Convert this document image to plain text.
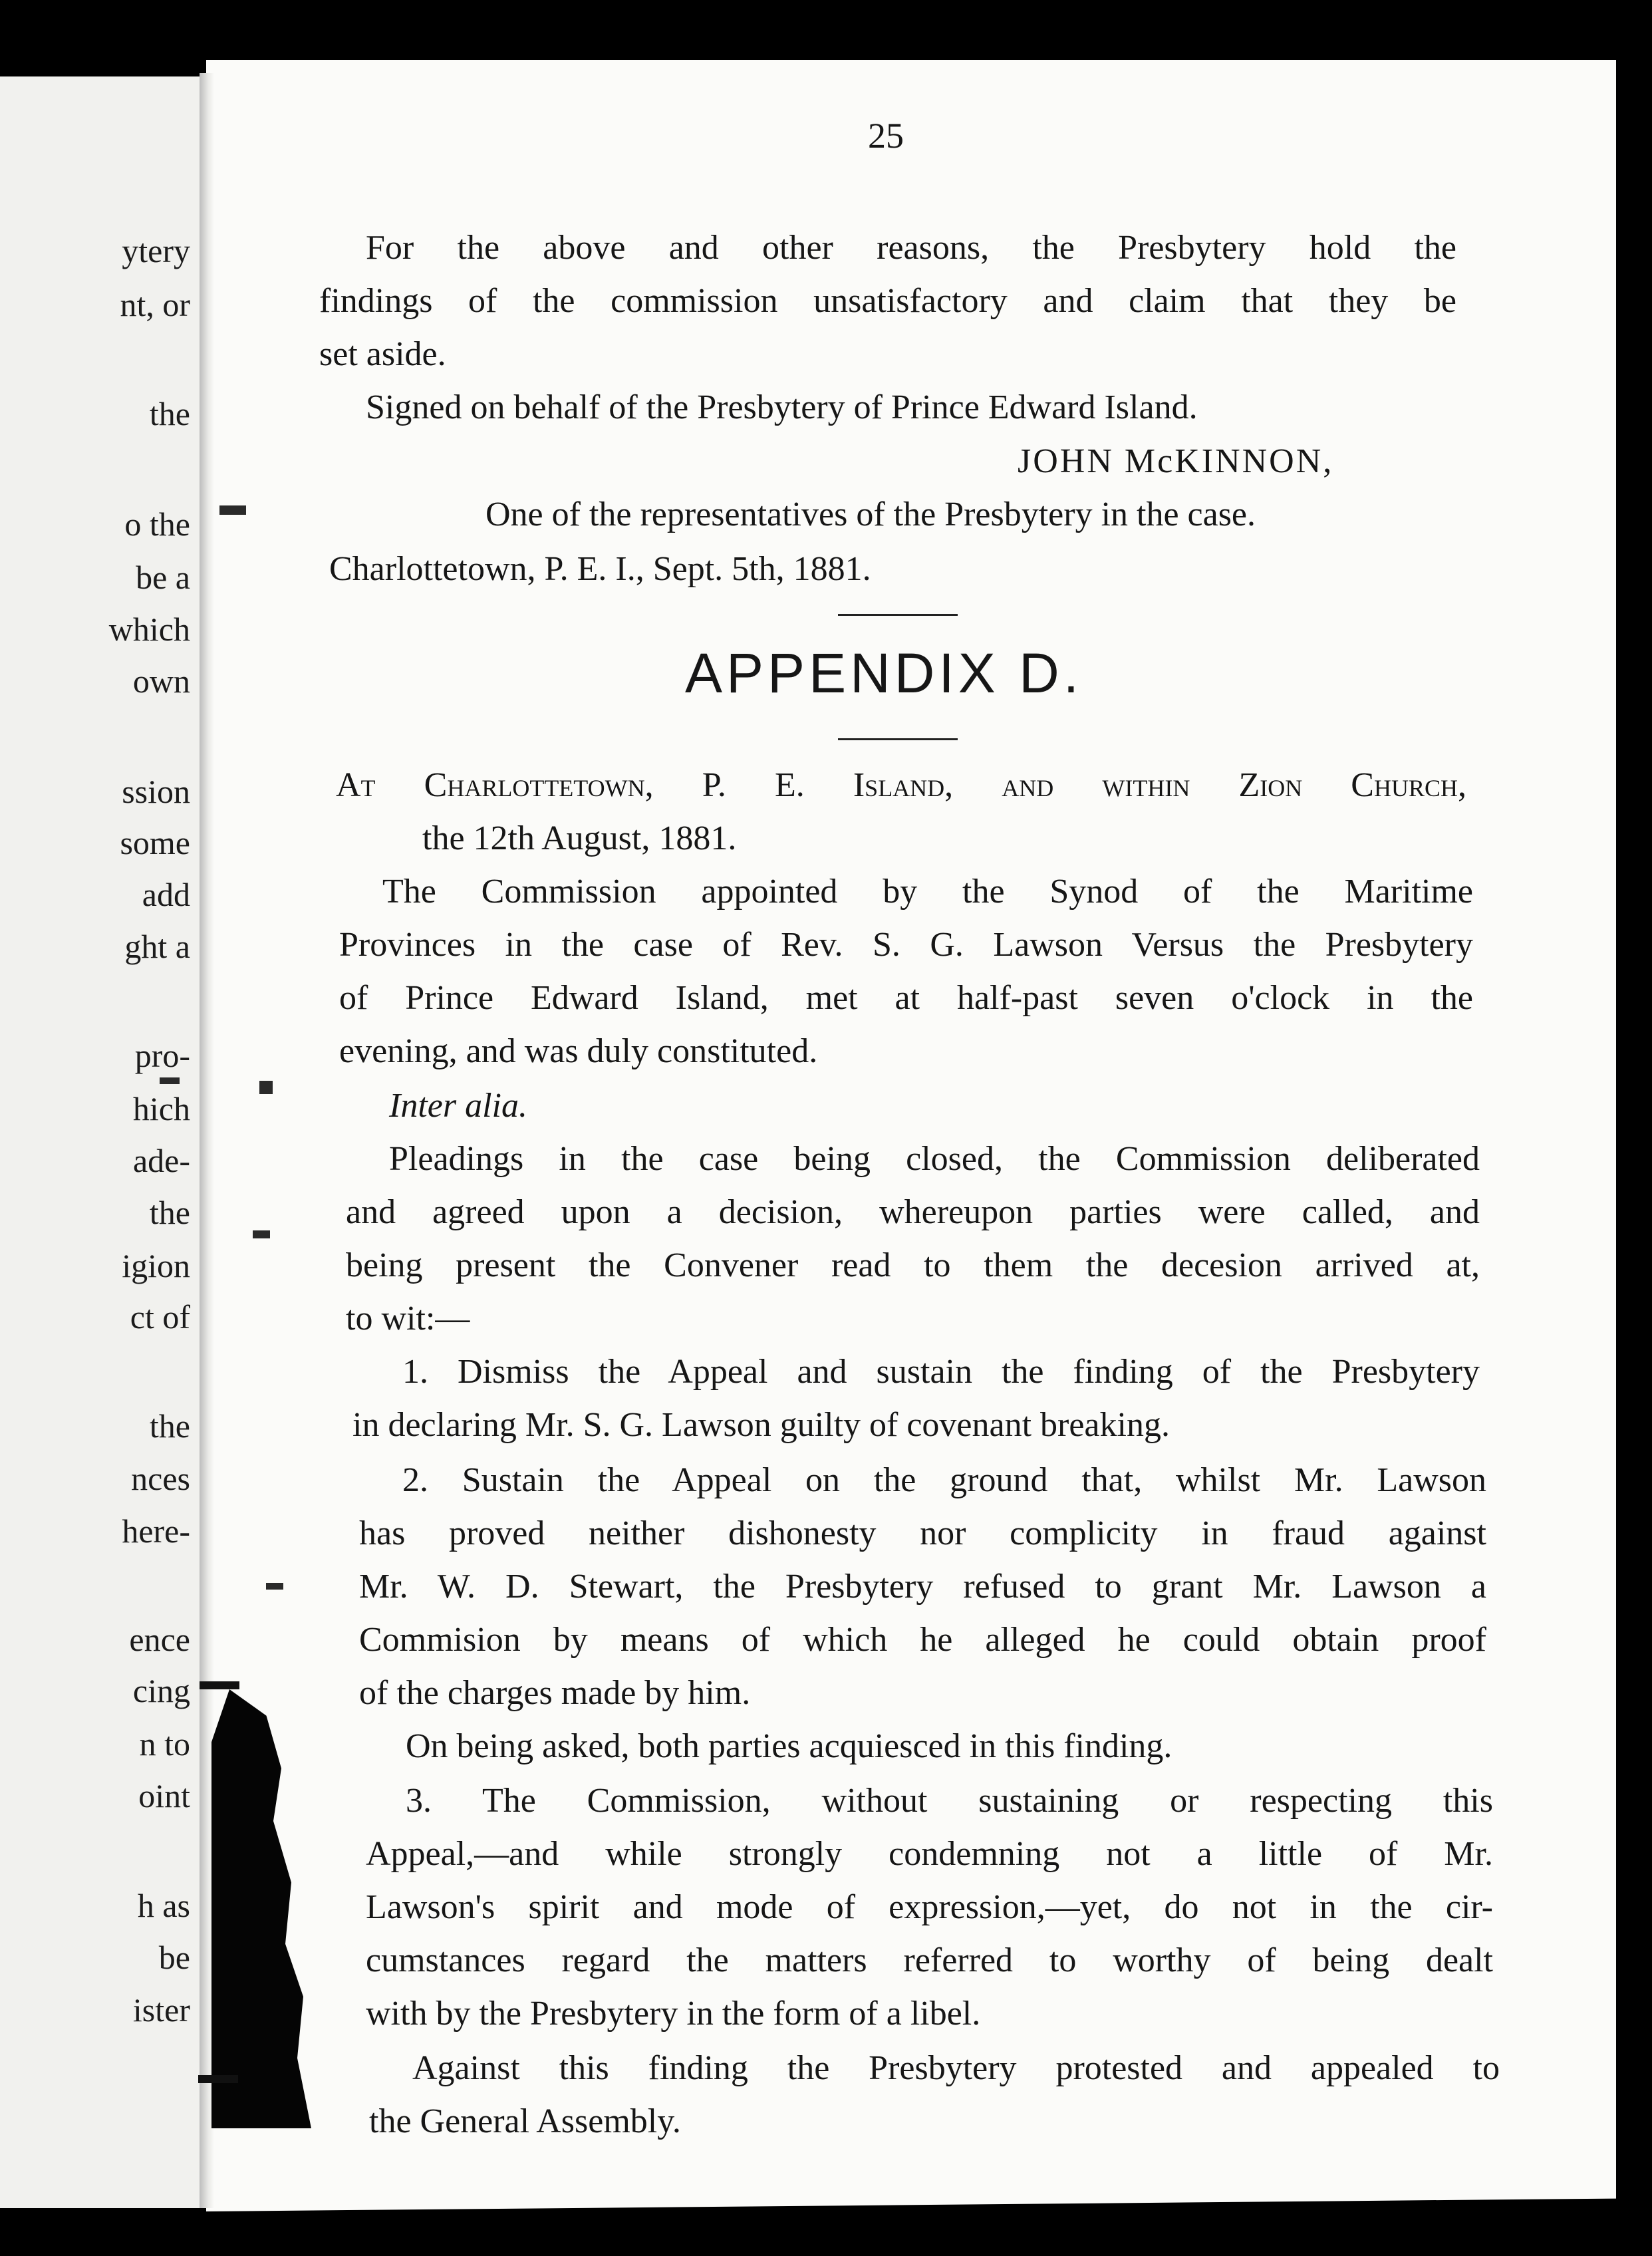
ytery
nt, or
the
o the
be a
which
own
ssion
some
add
ght a
pro-
hich
ade-
the
igion
ct of
the
nces
here-
ence
cing
n to
oint
h as
be
ister
25
For the above and other reasons, the Presbytery hold the
findings of the commission unsatisfactory and claim that they be
set aside.
Signed on behalf of the Presbytery of Prince Edward Island.
JOHN McKINNON,
One of the representatives of the Presbytery in the case.
Charlottetown, P. E. I., Sept. 5th, 1881.
APPENDIX D.
At Charlottetown, P. E. Island, and within Zion Church,
the 12th August, 1881.
The Commission appointed by the Synod of the Maritime
Provinces in the case of Rev. S. G. Lawson Versus the Presbytery
of Prince Edward Island, met at half-past seven o'clock in the
evening, and was duly constituted.
Inter alia.
Pleadings in the case being closed, the Commission deliberated
and agreed upon a decision, whereupon parties were called, and
being present the Convener read to them the decesion arrived at,
to wit:—
1. Dismiss the Appeal and sustain the finding of the Presbytery
in declaring Mr. S. G. Lawson guilty of covenant breaking.
2. Sustain the Appeal on the ground that, whilst Mr. Lawson
has proved neither dishonesty nor complicity in fraud against
Mr. W. D. Stewart, the Presbytery refused to grant Mr. Lawson a
Commision by means of which he alleged he could obtain proof
of the charges made by him.
On being asked, both parties acquiesced in this finding.
3. The Commission, without sustaining or respecting this
Appeal,—and while strongly condemning not a little of Mr.
Lawson's spirit and mode of expression,—yet, do not in the cir-
cumstances regard the matters referred to worthy of being dealt
with by the Presbytery in the form of a libel.
Against this finding the Presbytery protested and appealed to
the General Assembly.
